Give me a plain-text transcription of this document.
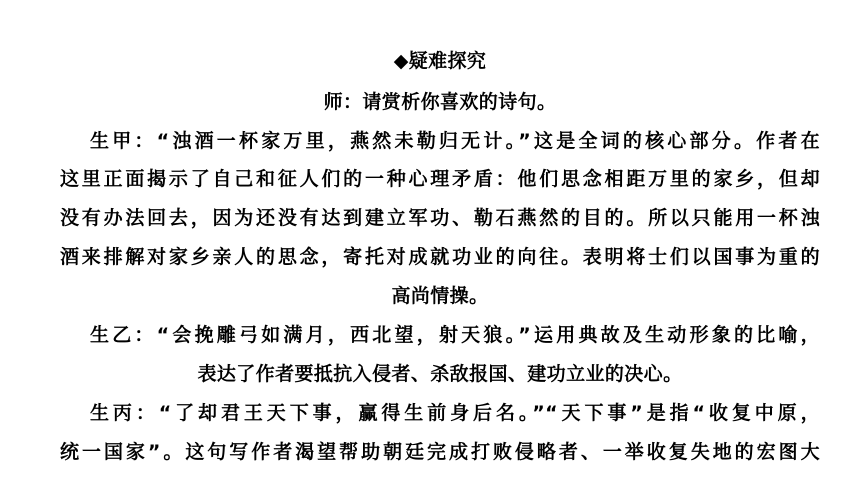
◆疑难探究
师：请赏析你喜欢的诗句。
生甲：“浊酒一杯家万里，燕然未勒归无计。”这是全词的核心部分。作者在
这里正面揭示了自己和征人们的一种心理矛盾：他们思念相距万里的家乡，但却
没有办法回去，因为还没有达到建立军功、勒石燕然的目的。所以只能用一杯浊
酒来排解对家乡亲人的思念，寄托对成就功业的向往。表明将士们以国事为重的
高尚情操。
生乙：“会挽雕弓如满月，西北望，射天狼。”运用典故及生动形象的比喻，
表达了作者要抵抗入侵者、杀敌报国、建功立业的决心。
生丙：“了却君王天下事，赢得生前身后名。”“天下事”是指“收复中原，
统一国家”。这句写作者渴望帮助朝廷完成打败侵略者、一举收复失地的宏图大
